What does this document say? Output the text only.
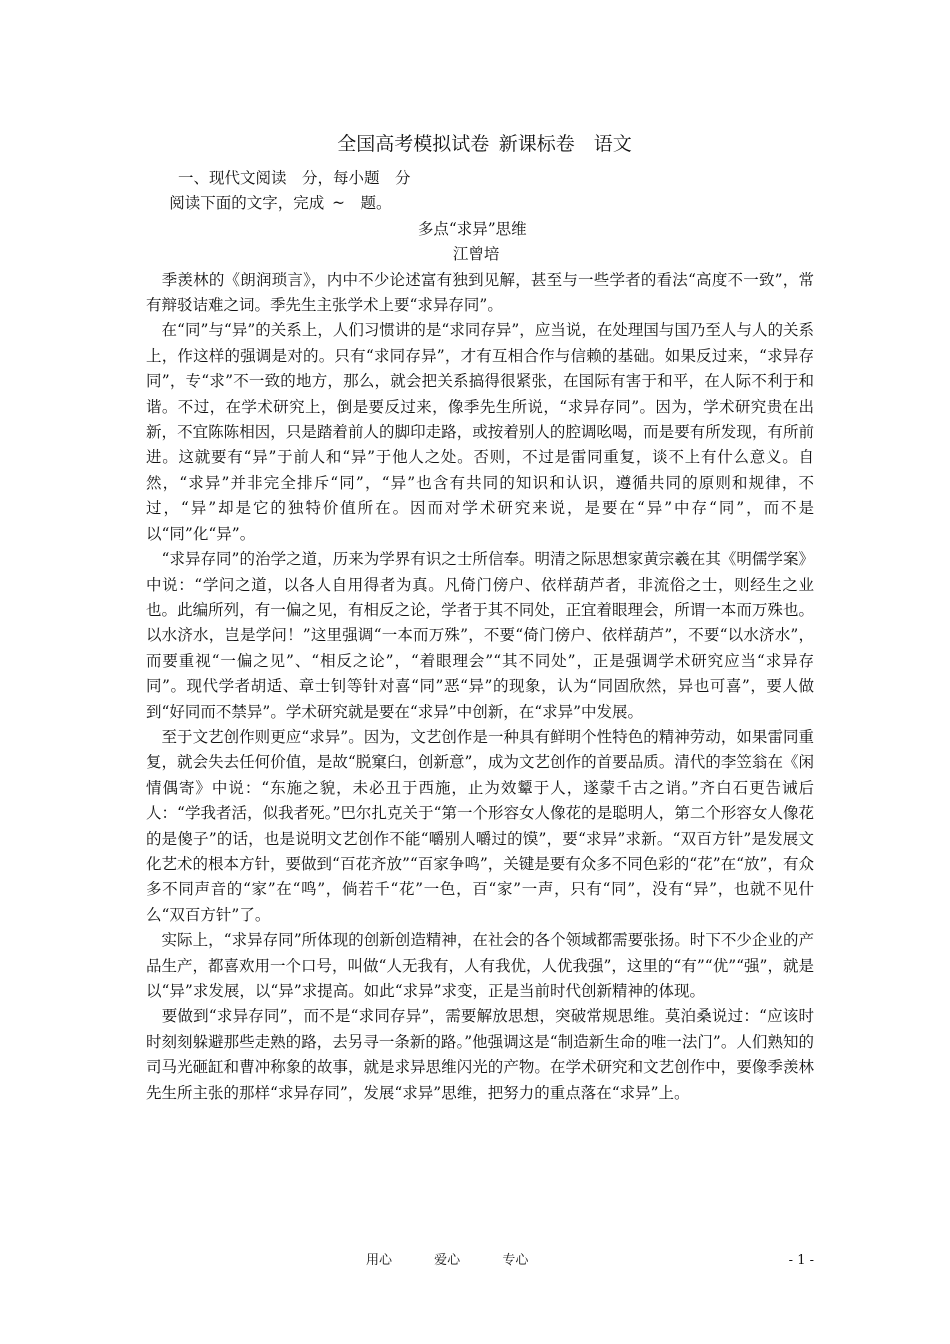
   全国高考模拟试卷 新课标卷  语文 

一、现代文阅读  分，每小题  分   

   阅读下面的文字，完成 ~  题。  

多点“求异”思维  

江曾培 

  季羡林的《朗润琐言》，内中不少论述富有独到见解，甚至与一些学者的看法“高度不一致”，常有辩驳诘难之词。季先生主张学术上要“求异存同”。   

  在“同”与“异”的关系上，人们习惯讲的是“求同存异”，应当说，在处理国与国乃至人与人的关系上，作这样的强调是对的。只有“求同存异”，才有互相合作与信赖的基础。如果反过来，“求异存同”，专“求”不一致的地方，那么，就会把关系搞得很紧张，在国际有害于和平，在人际不利于和谐。不过，在学术研究上，倒是要反过来，像季先生所说，“求异存同”。因为，学术研究贵在出新，不宜陈陈相因，只是踏着前人的脚印走路，或按着别人的腔调吆喝，而是要有所发现，有所前进。这就要有“异”于前人和“异”于他人之处。否则，不过是雷同重复，谈不上有什么意义。自然，“求异”并非完全排斥“同”，“异”也含有共同的知识和认识，遵循共同的原则和规律，不过，“异”却是它的独特价值所在。因而对学术研究来说，是要在“异”中存“同”，而不是以“同”化“异”。  

  “求异存同”的治学之道，历来为学界有识之士所信奉。明清之际思想家黄宗羲在其《明儒学案》中说：“学问之道，以各人自用得者为真。凡倚门傍户、依样葫芦者，非流俗之士，则经生之业也。此编所列，有一偏之见，有相反之论，学者于其不同处，正宜着眼理会，所谓一本而万殊也。以水济水，岂是学问！”这里强调“一本而万殊”，不要“倚门傍户、依样葫芦”，不要“以水济水”，而要重视“一偏之见”、“相反之论”，“着眼理会”“其不同处”，正是强调学术研究应当“求异存同”。现代学者胡适、章士钊等针对喜“同”恶“异”的现象，认为“同固欣然，异也可喜”，要人做到“好同而不禁异”。学术研究就是要在“求异”中创新，在“求异”中发展。  

  至于文艺创作则更应“求异”。因为，文艺创作是一种具有鲜明个性特色的精神劳动，如果雷同重复，就会失去任何价值，是故“脱窠臼，创新意”，成为文艺创作的首要品质。清代的李笠翁在《闲情偶寄》中说：“东施之貌，未必丑于西施，止为效颦于人，遂蒙千古之诮。”齐白石更告诫后人：“学我者活，似我者死。”巴尔扎克关于“第一个形容女人像花的是聪明人，第二个形容女人像花的是傻子”的话，也是说明文艺创作不能“嚼别人嚼过的馍”，要“求异”求新。“双百方针”是发展文化艺术的根本方针，要做到“百花齐放”“百家争鸣”，关键是要有众多不同色彩的“花”在“放”，有众多不同声音的“家”在“鸣”，倘若千“花”一色，百“家”一声，只有“同”，没有“异”，也就不见什么“双百方针”了。  

  实际上，“求异存同”所体现的创新创造精神，在社会的各个领域都需要张扬。时下不少企业的产品生产，都喜欢用一个口号，叫做“人无我有，人有我优，人优我强”，这里的“有”“优”“强”，就是以“异”求发展，以“异”求提高。如此“求异”求变，正是当前时代创新精神的体现。  

  要做到“求异存同”，而不是“求同存异”，需要解放思想，突破常规思维。莫泊桑说过：“应该时时刻刻躲避那些走熟的路，去另寻一条新的路。”他强调这是“制造新生命的唯一法门”。人们熟知的司马光砸缸和曹冲称象的故事，就是求异思维闪光的产物。在学术研究和文艺创作中，要像季羡林先生所主张的那样“求异存同”，发展“求异”思维，把努力的重点落在“求异”上。  

用心	爱心	专心	- 1 -
